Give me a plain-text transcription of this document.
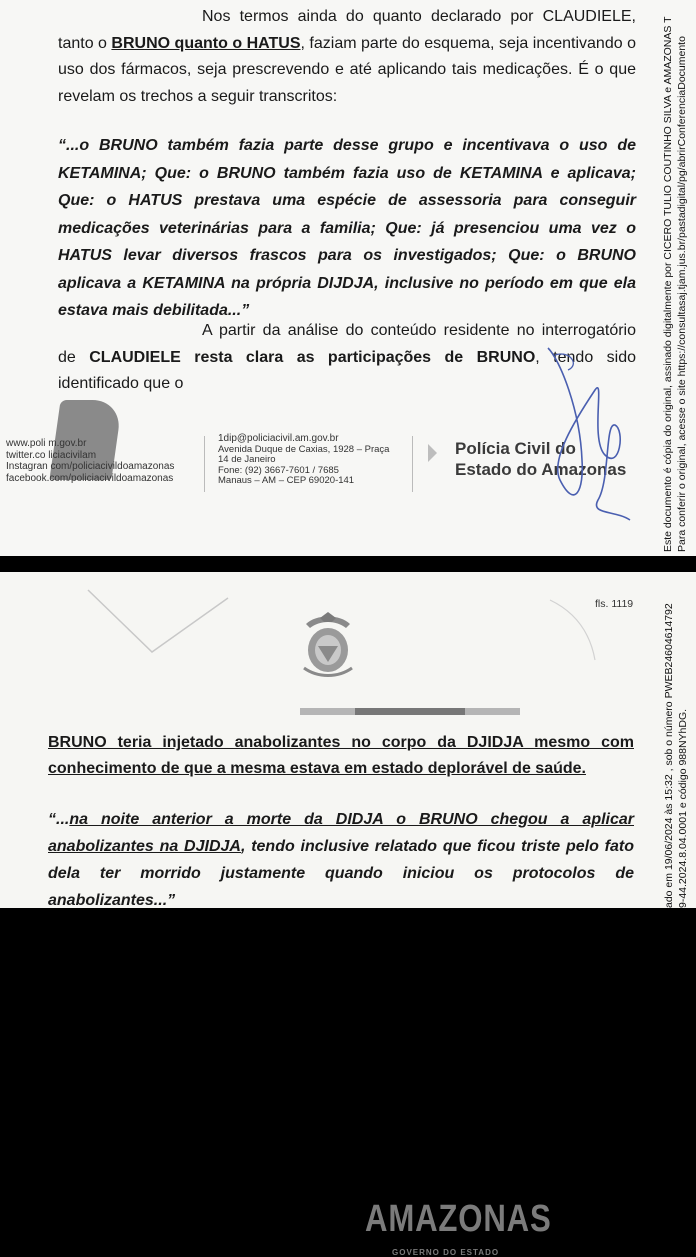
Nos termos ainda do quanto declarado por CLAUDIELE, tanto o BRUNO quanto o HATUS, faziam parte do esquema, seja incentivando o uso dos fármacos, seja prescrevendo e até aplicando tais medicações. É o que revelam os trechos a seguir transcritos:

“...o BRUNO também fazia parte desse grupo e incentivava o uso de KETAMINA; Que: o BRUNO também fazia uso de KETAMINA e aplicava; Que: o HATUS prestava uma espécie de assessoria para conseguir medicações veterinárias para a familia; Que: já presenciou uma vez o HATUS levar diversos frascos para os investigados; Que: o BRUNO aplicava a KETAMINA na própria DIJDJA, inclusive no período em que ela estava mais debilitada...”

A partir da análise do conteúdo residente no interrogatório de CLAUDIELE resta clara as participações de BRUNO, tendo sido identificado que o

www.poli m.gov.br
twitter.co liciacivilam
Instagran com/policiacivildoamazonas
facebook.com/policiacivildoamazonas

1dip@policiacivil.am.gov.br
Avenida Duque de Caxias, 1928 – Praça
14 de Janeiro
Fone: (92) 3667-7601 / 7685
Manaus – AM – CEP 69020-141

Polícia Civil do
Estado do Amazonas	Este documento é cópia do original, assinado digitalmente por CICERO TULIO COUTINHO SILVA e AMAZONAS T Para conferir o original, acesse o site https://consultasaj.tjam.jus.br/pastadigital/pg/abrirConferenciaDocumento
fls. 1119
AMAZONAS
GOVERNO DO ESTADO

BRUNO teria injetado anabolizantes no corpo da DJIDJA mesmo com conhecimento de que a mesma estava em estado deplorável de saúde.

“...na noite anterior a morte da DIDJA o BRUNO chegou a aplicar anabolizantes na DJIDJA, tendo inclusive relatado que ficou triste pelo fato dela ter morrido justamente quando iniciou os protocolos de anabolizantes...”	ado em 19/06/2024 às 15:32 , sob o número PWEB24604614792 9-44.2024.8.04.0001 e código 988NYhDG.
